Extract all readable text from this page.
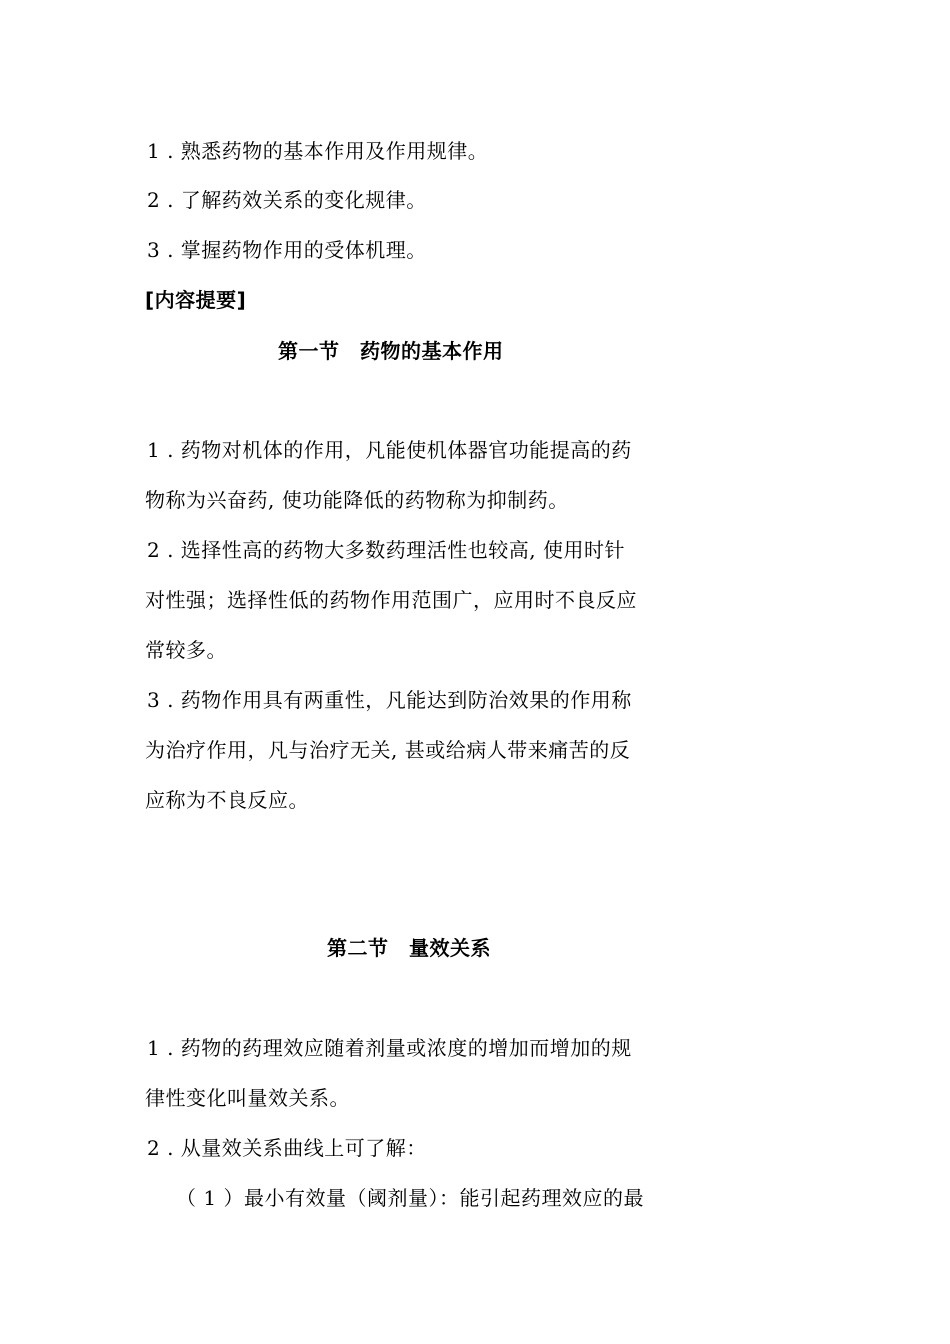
1 . 熟悉药物的基本作用及作用规律。
2 . 了解药效关系的变化规律。
3 . 掌握药物作用的受体机理。
[内容提要]
第一节　药物的基本作用
1 . 药物对机体的作用，凡能使机体器官功能提高的药
物称为兴奋药, 使功能降低的药物称为抑制药。
2 . 选择性高的药物大多数药理活性也较高, 使用时针
对性强；选择性低的药物作用范围广，应用时不良反应
常较多。
3 . 药物作用具有两重性，凡能达到防治效果的作用称
为治疗作用，凡与治疗无关, 甚或给病人带来痛苦的反
应称为不良反应。
第二节　量效关系
1 . 药物的药理效应随着剂量或浓度的增加而增加的规
律性变化叫量效关系。
2 . 从量效关系曲线上可了解：
（ 1 ）最小有效量（阈剂量）：能引起药理效应的最
